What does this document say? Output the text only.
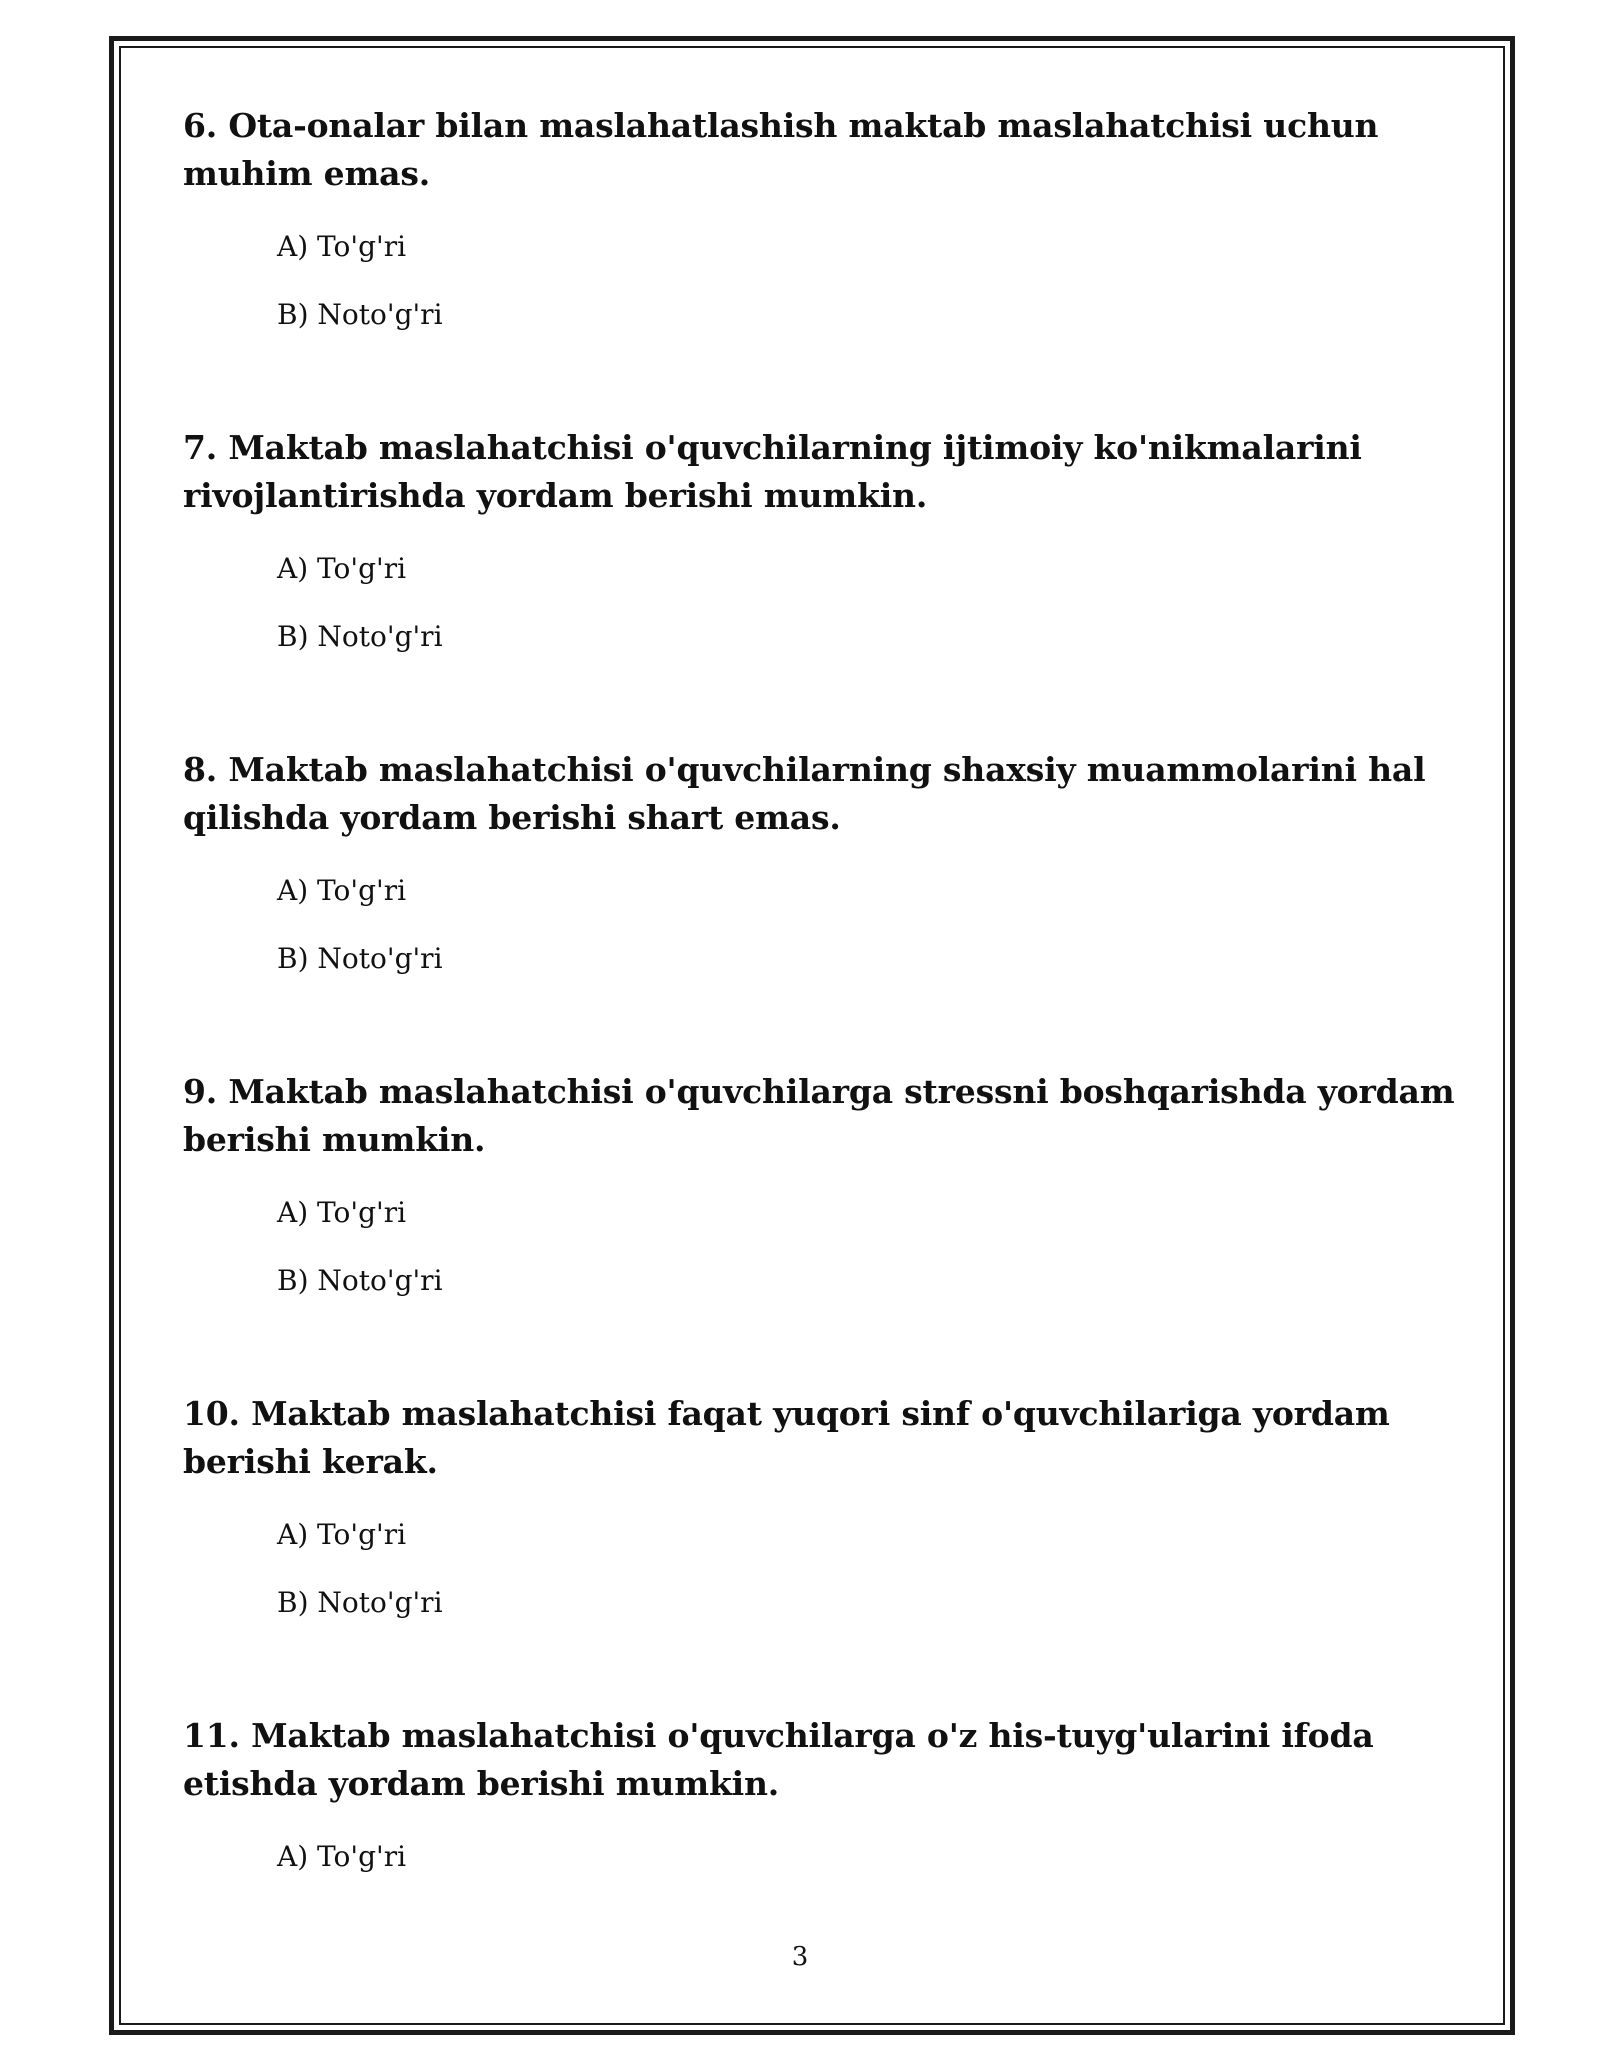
6. Ota-onalar bilan maslahatlashish maktab maslahatchisi uchun muhim emas.

A) To'g'ri
B) Noto'g'ri

7. Maktab maslahatchisi o'quvchilarning ijtimoiy ko'nikmalarini rivojlantirishda yordam berishi mumkin.

A) To'g'ri
B) Noto'g'ri

8. Maktab maslahatchisi o'quvchilarning shaxsiy muammolarini hal qilishda yordam berishi shart emas.

A) To'g'ri
B) Noto'g'ri

9. Maktab maslahatchisi o'quvchilarga stressni boshqarishda yordam berishi mumkin.

A) To'g'ri
B) Noto'g'ri

10. Maktab maslahatchisi faqat yuqori sinf o'quvchilariga yordam berishi kerak.

A) To'g'ri
B) Noto'g'ri

11. Maktab maslahatchisi o'quvchilarga o'z his-tuyg'ularini ifoda etishda yordam berishi mumkin.

A) To'g'ri
3
